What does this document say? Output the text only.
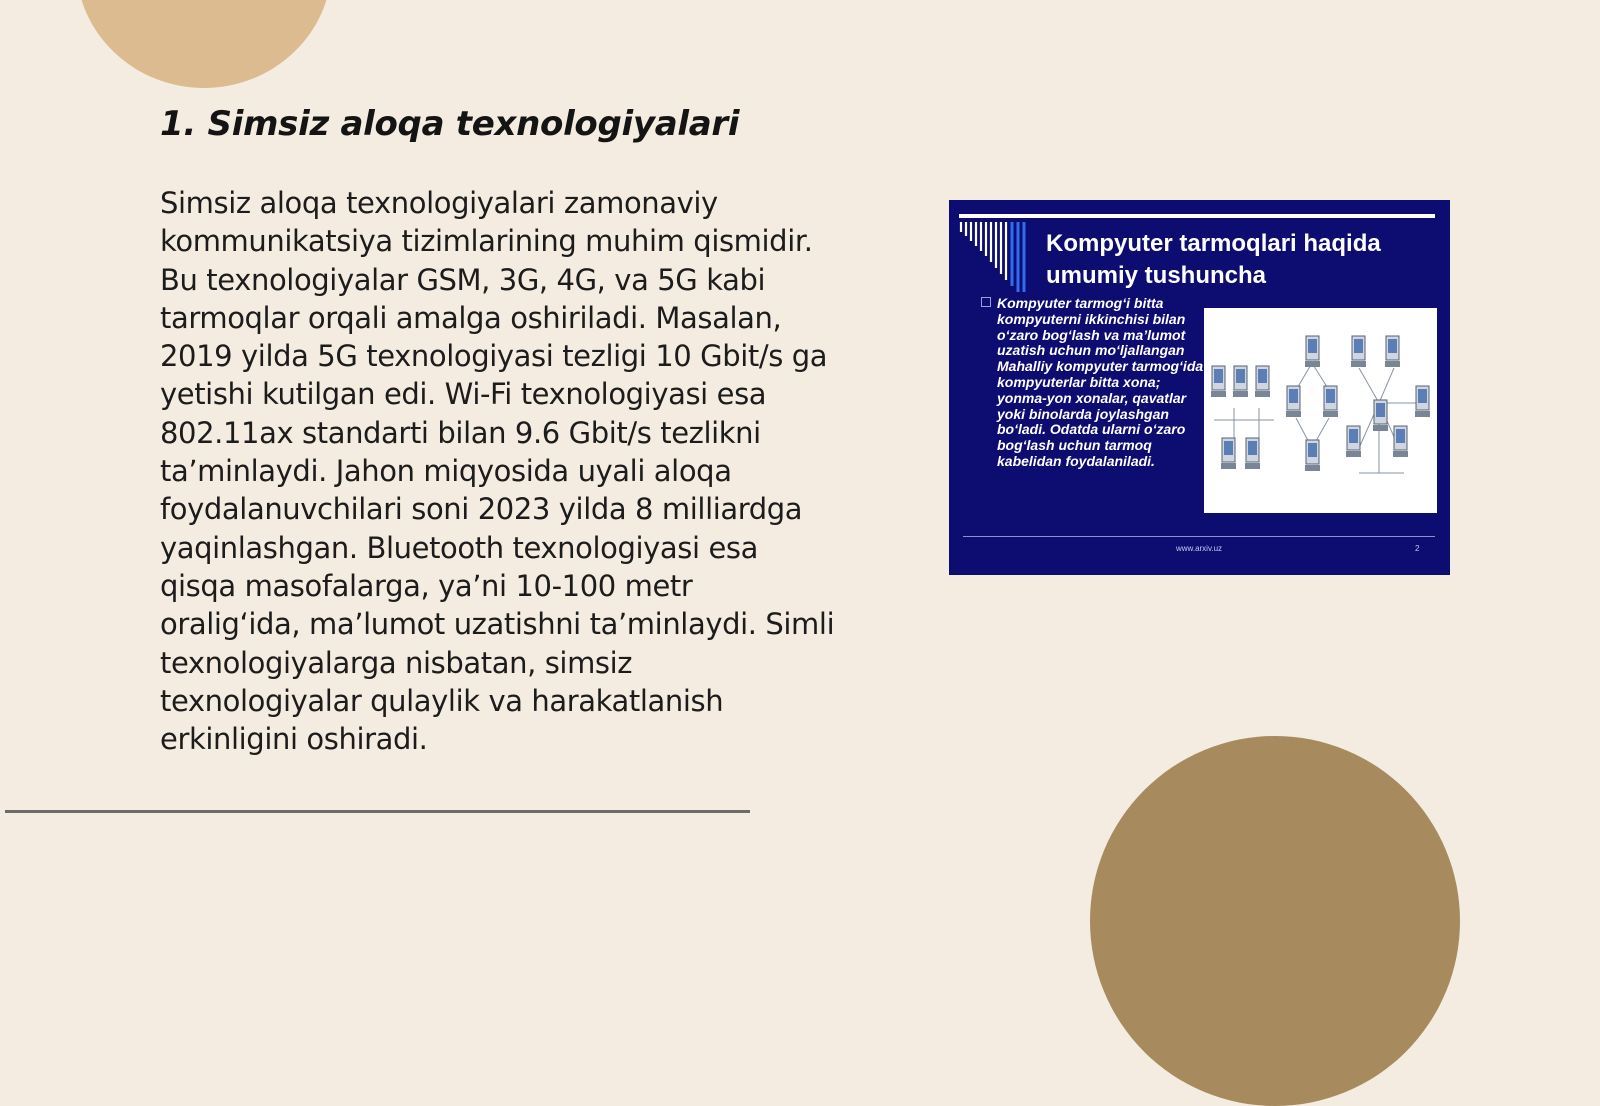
1. Simsiz aloqa texnologiyalari

Simsiz aloqa texnologiyalari zamonaviy kommunikatsiya tizimlarining muhim qismidir. Bu texnologiyalar GSM, 3G, 4G, va 5G kabi tarmoqlar orqali amalga oshiriladi. Masalan, 2019 yilda 5G texnologiyasi tezligi 10 Gbit/s ga yetishi kutilgan edi. Wi-Fi texnologiyasi esa 802.11ax standarti bilan 9.6 Gbit/s tezlikni ta’minlaydi. Jahon miqyosida uyali aloqa foydalanuvchilari soni 2023 yilda 8 milliardga yaqinlashgan. Bluetooth texnologiyasi esa qisqa masofalarga, ya’ni 10-100 metr oralig‘ida, ma’lumot uzatishni ta’minlaydi. Simli texnologiyalarga nisbatan, simsiz texnologiyalar qulaylik va harakatlanish erkinligini oshiradi.

Kompyuter tarmoqlari haqida umumiy tushuncha

Kompyuter tarmog‘i bitta kompyuterni ikkinchisi bilan o‘zaro bog‘lash va ma’lumot uzatish uchun mo‘ljallangan Mahalliy kompyuter tarmog‘ida kompyuterlar bitta xona; yonma-yon xonalar, qavatlar yoki binolarda joylashgan bo‘ladi. Odatda ularni o‘zaro bog‘lash uchun tarmoq kabelidan foydalaniladi.

www.arxiv.uz	2
